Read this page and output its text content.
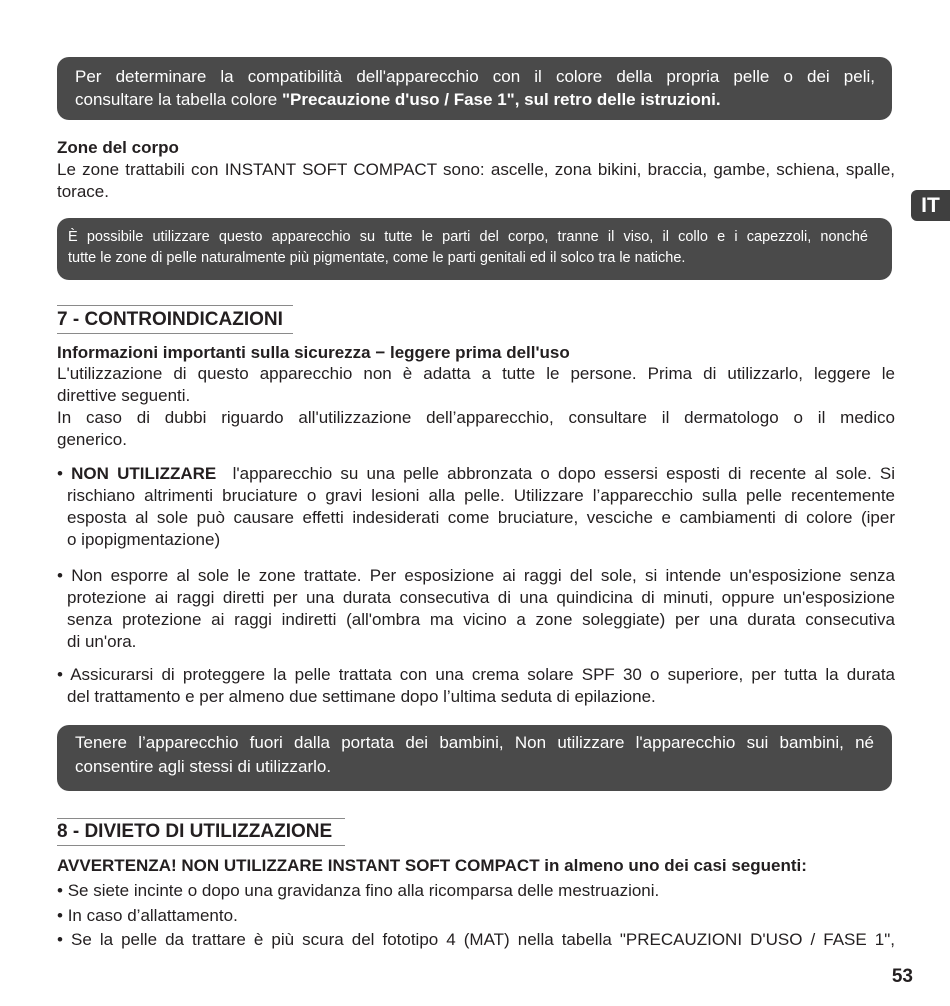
Per determinare la compatibilità dell'apparecchio con il colore della propria pelle o dei peli,
consultare la tabella colore "Precauzione d'uso / Fase 1", sul retro delle istruzioni.
Zone del corpo
Le zone trattabili con INSTANT SOFT COMPACT sono: ascelle, zona bikini, braccia, gambe, schiena, spalle,
torace.
IT
È possibile utilizzare questo apparecchio su tutte le parti del corpo, tranne il viso, il collo e i capezzoli, nonché
tutte le zone di pelle naturalmente più pigmentate, come le parti genitali ed il solco tra le natiche.
7 - CONTROINDICAZIONI
Informazioni importanti sulla sicurezza − leggere prima dell'uso
L'utilizzazione di questo apparecchio non è adatta a tutte le persone. Prima di utilizzarlo, leggere le
direttive seguenti.
In caso di dubbi riguardo all'utilizzazione dell’apparecchio, consultare il dermatologo o il medico
generico.
• NON UTILIZZARE l'apparecchio su una pelle abbronzata o dopo essersi esposti di recente al sole. Si
rischiano altrimenti bruciature o gravi lesioni alla pelle. Utilizzare l’apparecchio sulla pelle recentemente
esposta al sole può causare effetti indesiderati come bruciature, vesciche e cambiamenti di colore (iper
o ipopigmentazione)
• Non esporre al sole le zone trattate. Per esposizione ai raggi del sole, si intende un'esposizione senza
protezione ai raggi diretti per una durata consecutiva di una quindicina di minuti, oppure un'esposizione
senza protezione ai raggi indiretti (all'ombra ma vicino a zone soleggiate) per una durata consecutiva
di un'ora.
• Assicurarsi di proteggere la pelle trattata con una crema solare SPF 30 o superiore, per tutta la durata
del trattamento e per almeno due settimane dopo l’ultima seduta di epilazione.
Tenere l’apparecchio fuori dalla portata dei bambini, Non utilizzare l'apparecchio sui bambini, né
consentire agli stessi di utilizzarlo.
8 - DIVIETO DI UTILIZZAZIONE
AVVERTENZA! NON UTILIZZARE INSTANT SOFT COMPACT in almeno uno dei casi seguenti:
• Se siete incinte o dopo una gravidanza fino alla ricomparsa delle mestruazioni.
• In caso d’allattamento.
• Se la pelle da trattare è più scura del fototipo 4 (MAT) nella tabella "PRECAUZIONI D'USO / FASE 1",
53
